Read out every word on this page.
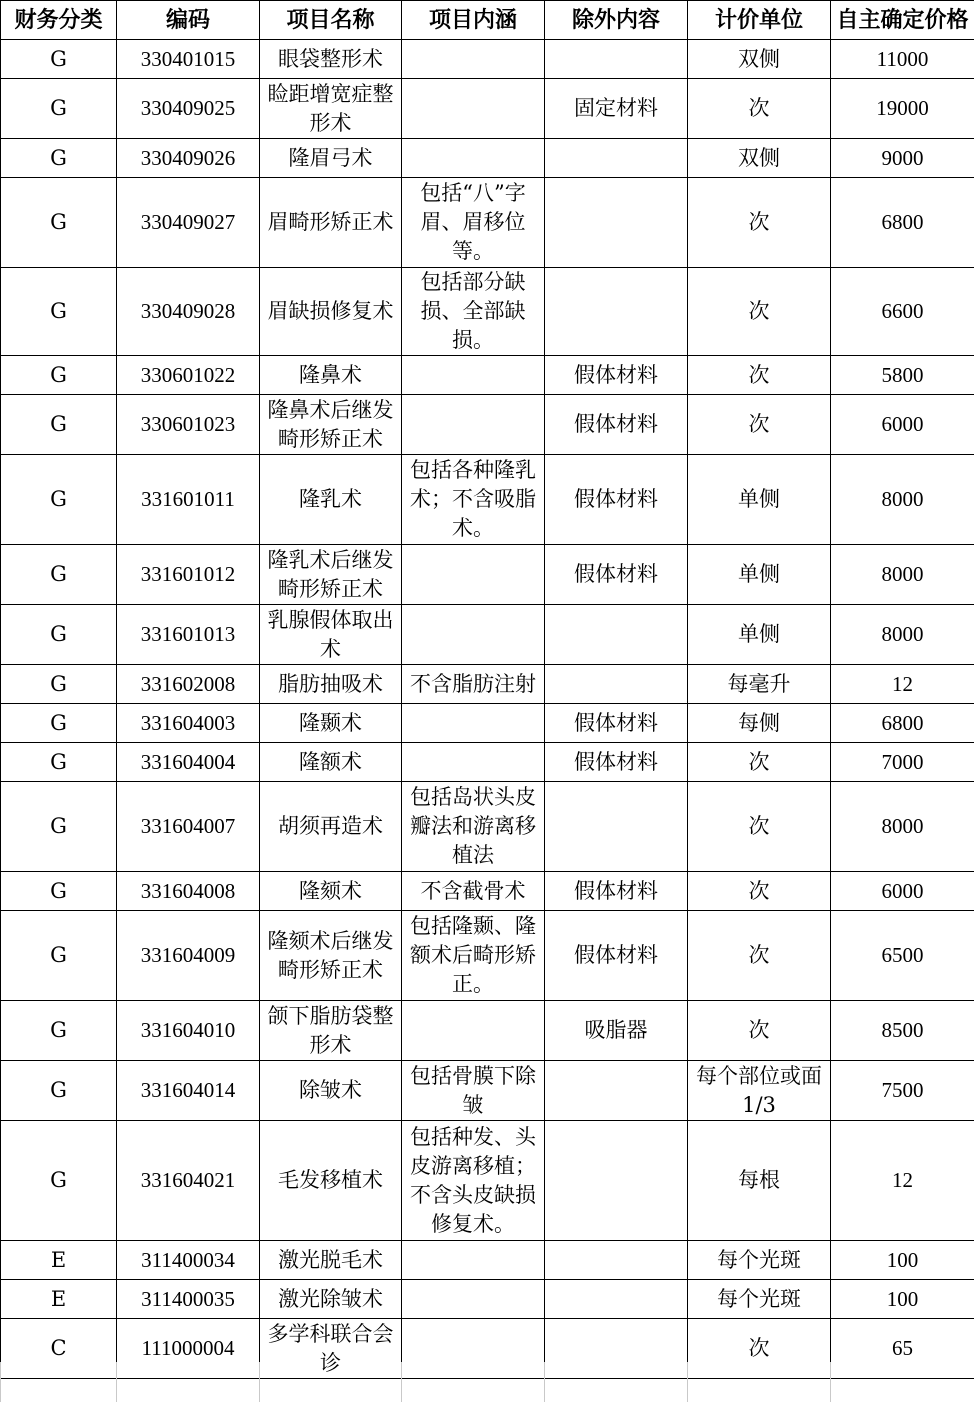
财务分类	编码	项目名称	项目内涵	除外内容	计价单位	自主确定价格
G	330401015	眼袋整形术			双侧	11000
G	330409025	睑距增宽症整形术		固定材料	次	19000
G	330409026	隆眉弓术			双侧	9000
G	330409027	眉畸形矫正术	包括“八”字眉、眉移位等。		次	6800
G	330409028	眉缺损修复术	包括部分缺损、全部缺损。		次	6600
G	330601022	隆鼻术		假体材料	次	5800
G	330601023	隆鼻术后继发畸形矫正术		假体材料	次	6000
G	331601011	隆乳术	包括各种隆乳术；不含吸脂术。	假体材料	单侧	8000
G	331601012	隆乳术后继发畸形矫正术		假体材料	单侧	8000
G	331601013	乳腺假体取出术			单侧	8000
G	331602008	脂肪抽吸术	不含脂肪注射		每毫升	12
G	331604003	隆颞术		假体材料	每侧	6800
G	331604004	隆额术		假体材料	次	7000
G	331604007	胡须再造术	包括岛状头皮瓣法和游离移植法		次	8000
G	331604008	隆颏术	不含截骨术	假体材料	次	6000
G	331604009	隆颏术后继发畸形矫正术	包括隆颞、隆额术后畸形矫正。	假体材料	次	6500
G	331604010	颌下脂肪袋整形术		吸脂器	次	8500
G	331604014	除皱术	包括骨膜下除皱		每个部位或面1/3	7500
G	331604021	毛发移植术	包括种发、头皮游离移植；不含头皮缺损修复术。		每根	12
E	311400034	激光脱毛术			每个光斑	100
E	311400035	激光除皱术			每个光斑	100
C	111000004	多学科联合会诊			次	65
